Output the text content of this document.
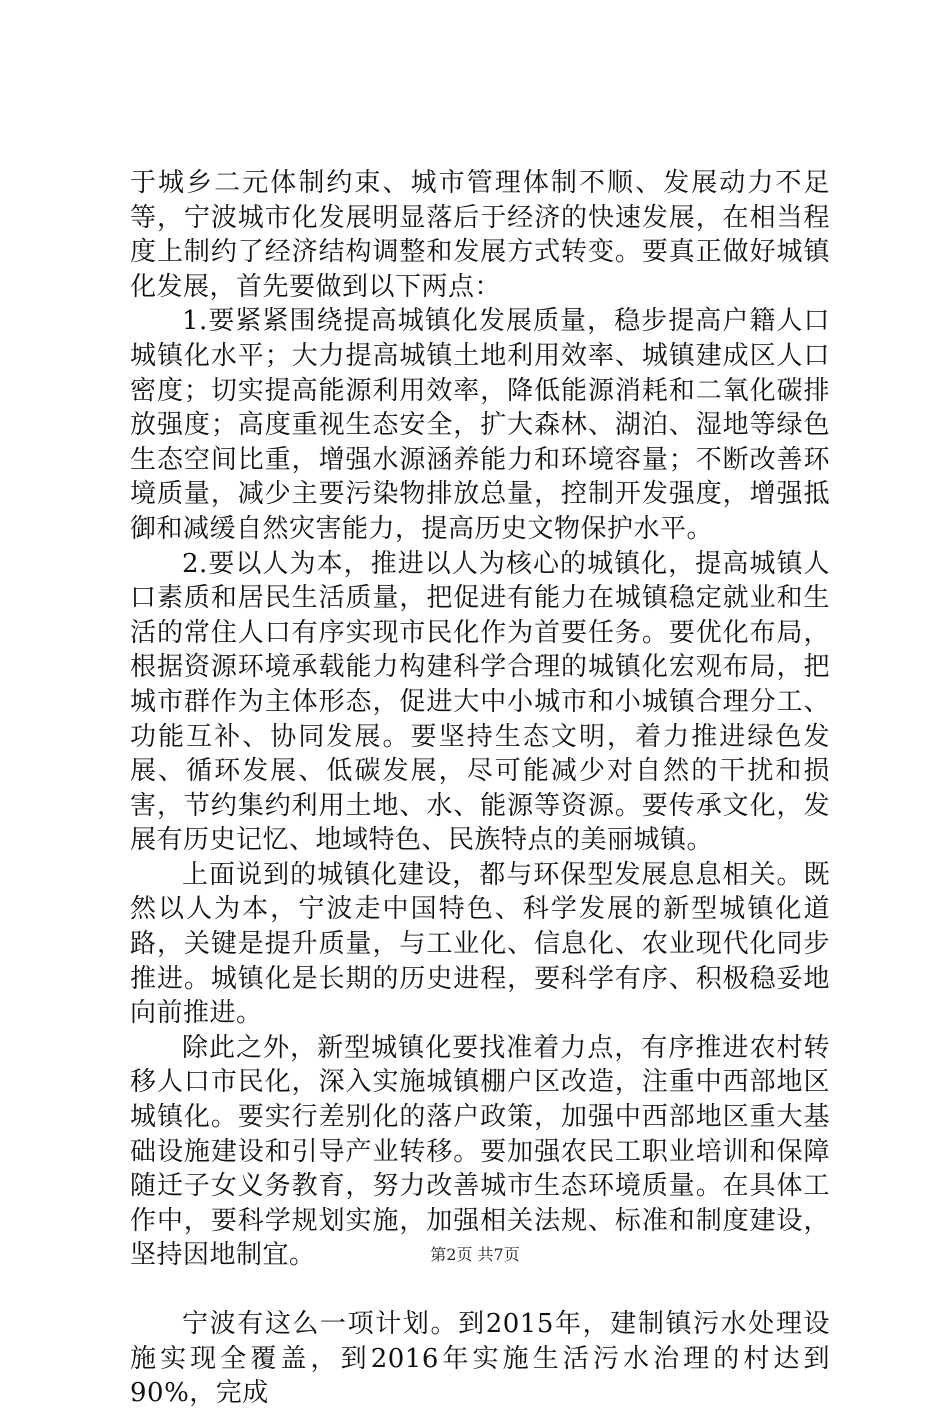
于城乡二元体制约束、城市管理体制不顺、发展动力不足等，宁波城市化发展明显落后于经济的快速发展，在相当程度上制约了经济结构调整和发展方式转变。要真正做好城镇化发展，首先要做到以下两点：

1.要紧紧围绕提高城镇化发展质量，稳步提高户籍人口城镇化水平；大力提高城镇土地利用效率、城镇建成区人口密度；切实提高能源利用效率，降低能源消耗和二氧化碳排放强度；高度重视生态安全，扩大森林、湖泊、湿地等绿色生态空间比重，增强水源涵养能力和环境容量；不断改善环境质量，减少主要污染物排放总量，控制开发强度，增强抵御和减缓自然灾害能力，提高历史文物保护水平。

2.要以人为本，推进以人为核心的城镇化，提高城镇人口素质和居民生活质量，把促进有能力在城镇稳定就业和生活的常住人口有序实现市民化作为首要任务。要优化布局，根据资源环境承载能力构建科学合理的城镇化宏观布局，把城市群作为主体形态，促进大中小城市和小城镇合理分工、功能互补、协同发展。要坚持生态文明，着力推进绿色发展、循环发展、低碳发展，尽可能减少对自然的干扰和损害，节约集约利用土地、水、能源等资源。要传承文化，发展有历史记忆、地域特色、民族特点的美丽城镇。

上面说到的城镇化建设，都与环保型发展息息相关。既然以人为本，宁波走中国特色、科学发展的新型城镇化道路，关键是提升质量，与工业化、信息化、农业现代化同步推进。城镇化是长期的历史进程，要科学有序、积极稳妥地向前推进。

除此之外，新型城镇化要找准着力点，有序推进农村转移人口市民化，深入实施城镇棚户区改造，注重中西部地区城镇化。要实行差别化的落户政策，加强中西部地区重大基础设施建设和引导产业转移。要加强农民工职业培训和保障随迁子女义务教育，努力改善城市生态环境质量。在具体工作中，要科学规划实施，加强相关法规、标准和制度建设，坚持因地制宜。

宁波有这么一项计划。到2015年，建制镇污水处理设施实现全覆盖，到2016年实施生活污水治理的村达到90%，完成

第2页 共7页
